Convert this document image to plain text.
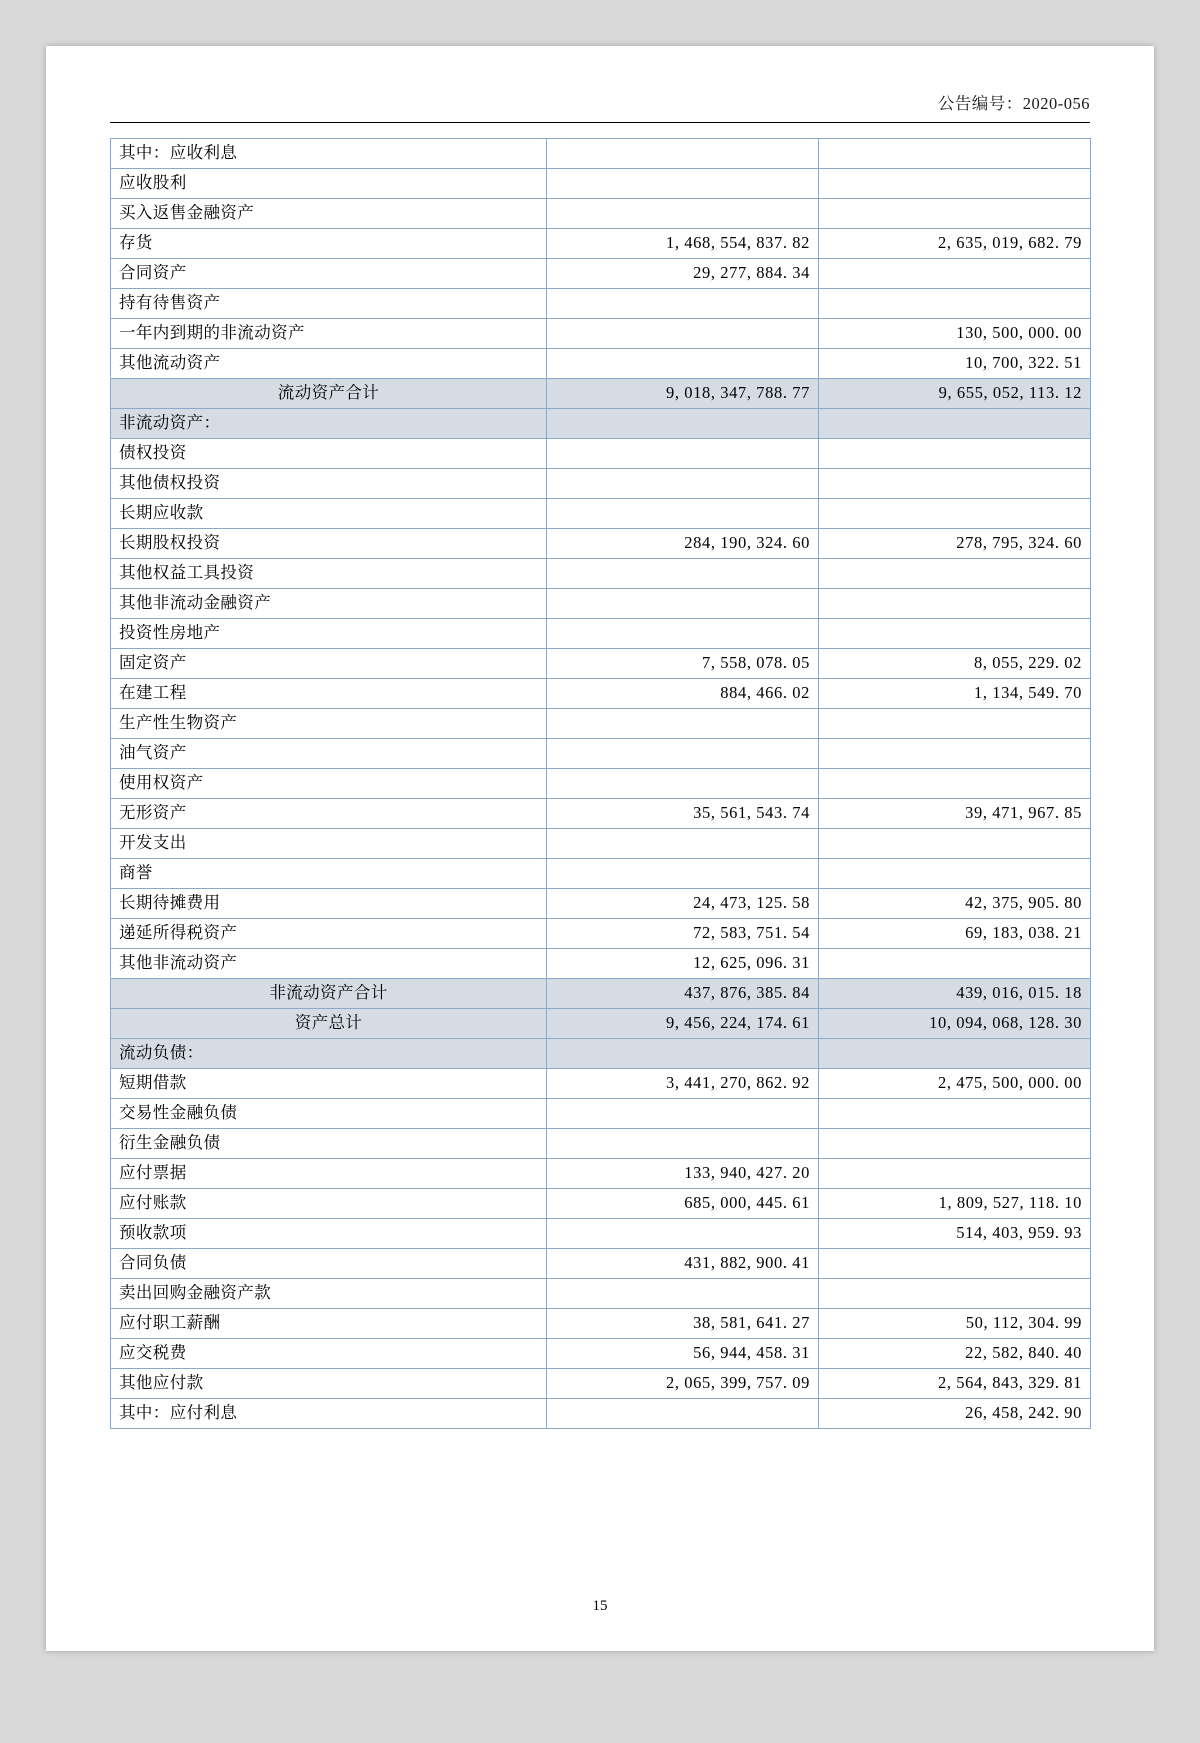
公告编号：2020-056
其中：应收利息		
应收股利		
买入返售金融资产		
存货	1, 468, 554, 837. 82	2, 635, 019, 682. 79
合同资产	29, 277, 884. 34	
持有待售资产		
一年内到期的非流动资产		130, 500, 000. 00
其他流动资产		10, 700, 322. 51
流动资产合计	9, 018, 347, 788. 77	9, 655, 052, 113. 12
非流动资产：		
债权投资		
其他债权投资		
长期应收款		
长期股权投资	284, 190, 324. 60	278, 795, 324. 60
其他权益工具投资		
其他非流动金融资产		
投资性房地产		
固定资产	7, 558, 078. 05	8, 055, 229. 02
在建工程	884, 466. 02	1, 134, 549. 70
生产性生物资产		
油气资产		
使用权资产		
无形资产	35, 561, 543. 74	39, 471, 967. 85
开发支出		
商誉		
长期待摊费用	24, 473, 125. 58	42, 375, 905. 80
递延所得税资产	72, 583, 751. 54	69, 183, 038. 21
其他非流动资产	12, 625, 096. 31	
非流动资产合计	437, 876, 385. 84	439, 016, 015. 18
资产总计	9, 456, 224, 174. 61	10, 094, 068, 128. 30
流动负债：		
短期借款	3, 441, 270, 862. 92	2, 475, 500, 000. 00
交易性金融负债		
衍生金融负债		
应付票据	133, 940, 427. 20	
应付账款	685, 000, 445. 61	1, 809, 527, 118. 10
预收款项		514, 403, 959. 93
合同负债	431, 882, 900. 41	
卖出回购金融资产款		
应付职工薪酬	38, 581, 641. 27	50, 112, 304. 99
应交税费	56, 944, 458. 31	22, 582, 840. 40
其他应付款	2, 065, 399, 757. 09	2, 564, 843, 329. 81
其中：应付利息		26, 458, 242. 90
15
